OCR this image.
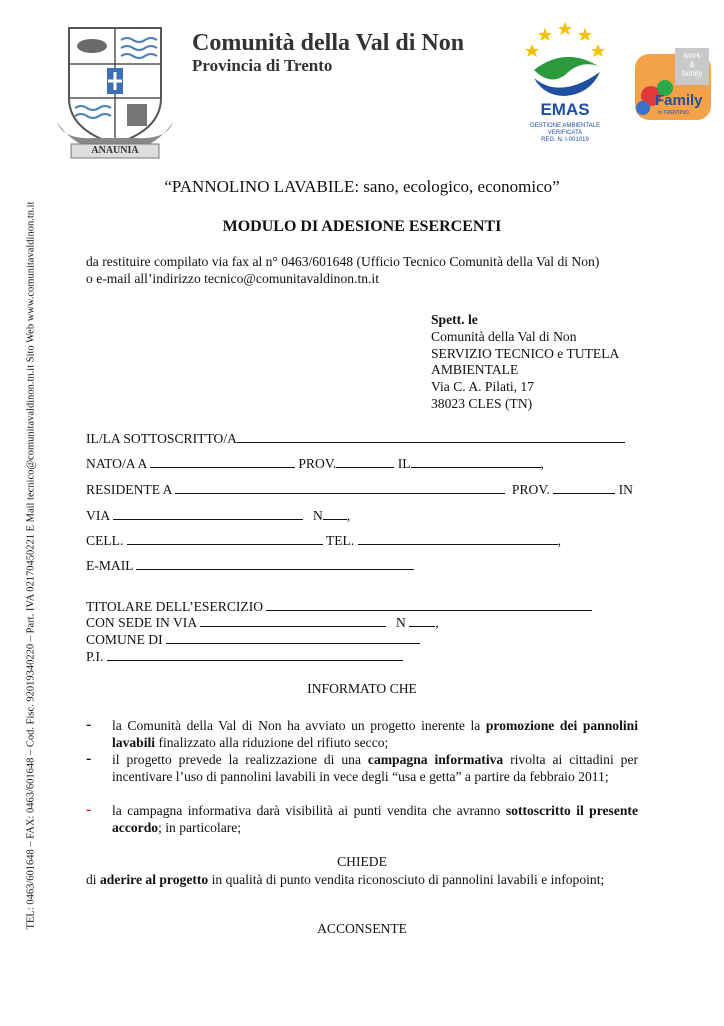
TEL: 0463/601648 – FAX: 0463/601648 – Cod. Fisc. 92019340220 – Part. IVA 02170450221 E Mail tecnico@comunitavaldinon.tn.it Sito Web www.comunitavaldinon.tn.it
ANAUNIA
Comunità della Val di Non
Provincia di Trento
EMAS
GESTIONE AMBIENTALE
VERIFICATA
REG. N. I-001019
work
&
family
Family
in TRENTINO
“PANNOLINO LAVABILE: sano, ecologico, economico”
MODULO DI ADESIONE ESERCENTI
da restituire compilato via fax al n° 0463/601648 (Ufficio Tecnico Comunità della Val di Non)
o e-mail all’indirizzo tecnico@comunitavaldinon.tn.it
Spett. le
Comunità della Val di Non
SERVIZIO TECNICO e TUTELA
AMBIENTALE
Via C. A. Pilati, 17
38023 CLES (TN)
IL/LA SOTTOSCRITTO/A
NATO/A A	PROV.	IL	,
RESIDENTE A	PROV.	IN
VIA	N ,
CELL.	TEL.	,
E-MAIL
TITOLARE DELL’ESERCIZIO
CON SEDE IN VIA	N ,
COMUNE DI
P.I.
INFORMATO CHE
- la Comunità della Val di Non ha avviato un progetto inerente la promozione dei pannolini lavabili finalizzato alla riduzione del rifiuto secco;
- il progetto prevede la realizzazione di una campagna informativa rivolta ai cittadini per incentivare l’uso di pannolini lavabili in vece degli “usa e getta” a partire da febbraio 2011;
- la campagna informativa darà visibilità ai punti vendita che avranno sottoscritto il presente accordo; in particolare;
CHIEDE
di aderire al progetto in qualità di punto vendita riconosciuto di pannolini lavabili e infopoint;
ACCONSENTE
